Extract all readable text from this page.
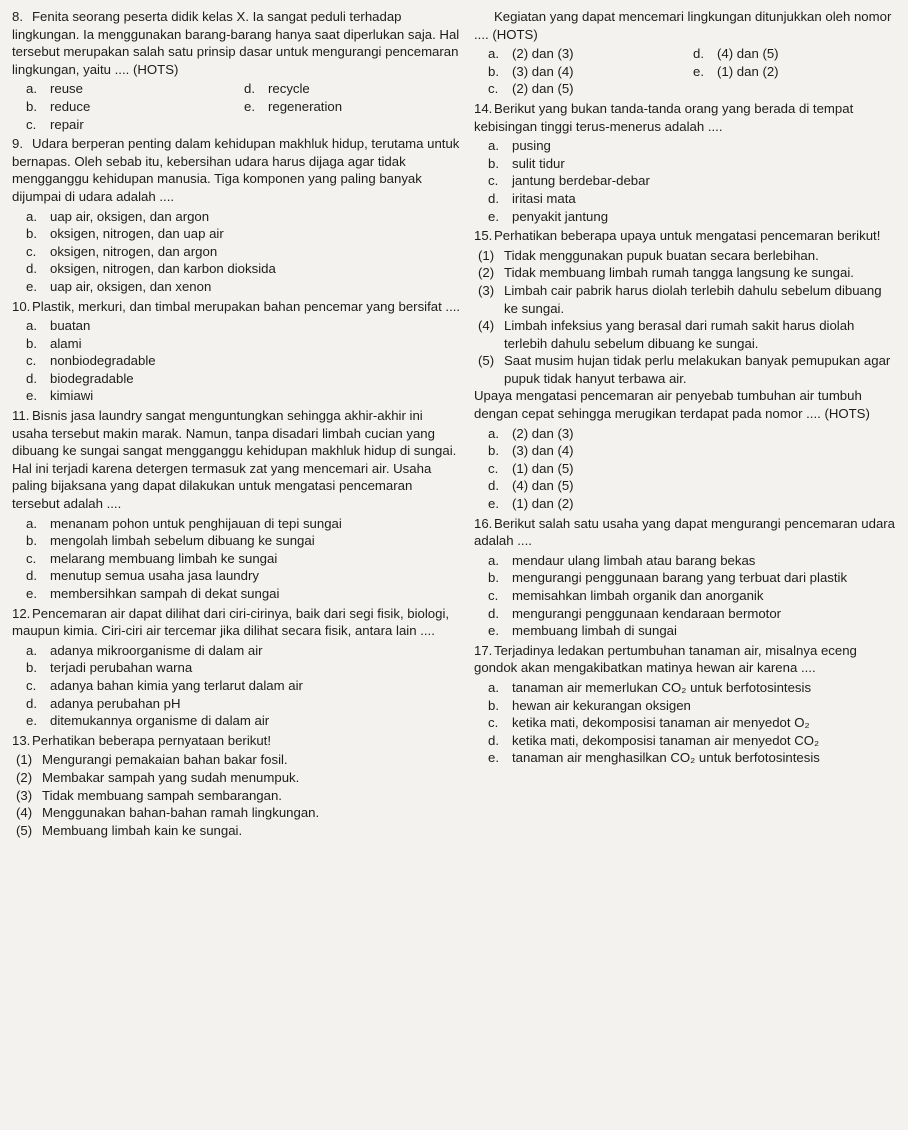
8. Fenita seorang peserta didik kelas X. Ia sangat peduli terhadap lingkungan. Ia menggunakan barang-barang hanya saat diperlukan saja. Hal tersebut merupakan salah satu prinsip dasar untuk mengurangi pencemaran lingkungan, yaitu .... (HOTS)
a. reuse	d. recycle
b. reduce	e. regeneration
c.	repair
9. Udara berperan penting dalam kehidupan makhluk hidup, terutama untuk bernapas. Oleh sebab itu, kebersihan udara harus dijaga agar tidak mengganggu kehidupan manusia. Tiga komponen yang paling banyak dijumpai di udara adalah ....
a. uap air, oksigen, dan argon
b. oksigen, nitrogen, dan uap air
c.	oksigen, nitrogen, dan argon
d. oksigen, nitrogen, dan karbon dioksida
e. uap air, oksigen, dan xenon
10. Plastik, merkuri, dan timbal merupakan bahan pencemar yang bersifat ....
a. buatan
b. alami
c.	nonbiodegradable
d. biodegradable
e. kimiawi
11. Bisnis jasa laundry sangat menguntungkan sehingga akhir-akhir ini usaha tersebut makin marak. Namun, tanpa disadari limbah cucian yang dibuang ke sungai sangat mengganggu kehidupan makhluk hidup di sungai. Hal ini terjadi karena detergen termasuk zat yang mencemari air. Usaha paling bijaksana yang dapat dilakukan untuk mengatasi pencemaran tersebut adalah ....
a. menanam pohon untuk penghijauan di tepi sungai
b. mengolah limbah sebelum dibuang ke sungai
c.	melarang membuang limbah ke sungai
d. menutup semua usaha jasa laundry
e. membersihkan sampah di dekat sungai
12. Pencemaran air dapat dilihat dari ciri-cirinya, baik dari segi fisik, biologi, maupun kimia. Ciri-ciri air tercemar jika dilihat secara fisik, antara lain ....
a. adanya mikroorganisme di dalam air
b. terjadi perubahan warna
c.	adanya bahan kimia yang terlarut dalam air
d. adanya perubahan pH
e. ditemukannya organisme di dalam air
13. Perhatikan beberapa pernyataan berikut!
(1) Mengurangi pemakaian bahan bakar fosil.
(2) Membakar sampah yang sudah menumpuk.
(3) Tidak membuang sampah sembarangan.
(4) Menggunakan bahan-bahan ramah lingkungan.
(5) Membuang limbah kain ke sungai.
Kegiatan yang dapat mencemari lingkungan ditunjukkan oleh nomor .... (HOTS)
a. (2) dan (3)	d. (4) dan (5)
b. (3) dan (4)	e. (1) dan (2)
c.	(2) dan (5)
14. Berikut yang bukan tanda-tanda orang yang berada di tempat kebisingan tinggi terus-menerus adalah ....
a. pusing
b. sulit tidur
c.	jantung berdebar-debar
d. iritasi mata
e. penyakit jantung
15. Perhatikan beberapa upaya untuk mengatasi pencemaran berikut!
(1) Tidak menggunakan pupuk buatan secara berlebihan.
(2) Tidak membuang limbah rumah tangga langsung ke sungai.
(3) Limbah cair pabrik harus diolah terlebih dahulu sebelum dibuang ke sungai.
(4) Limbah infeksius yang berasal dari rumah sakit harus diolah terlebih dahulu sebelum dibuang ke sungai.
(5) Saat musim hujan tidak perlu melakukan banyak pemupukan agar pupuk tidak hanyut terbawa air.
Upaya mengatasi pencemaran air penyebab tumbuhan air tumbuh dengan cepat sehingga merugikan terdapat pada nomor .... (HOTS)
a. (2) dan (3)
b. (3) dan (4)
c.	(1) dan (5)
d. (4) dan (5)
e. (1) dan (2)
16. Berikut salah satu usaha yang dapat mengurangi pencemaran udara adalah ....
a. mendaur ulang limbah atau barang bekas
b. mengurangi penggunaan barang yang terbuat dari plastik
c.	memisahkan limbah organik dan anorganik
d. mengurangi penggunaan kendaraan bermotor
e. membuang limbah di sungai
17. Terjadinya ledakan pertumbuhan tanaman air, misalnya eceng gondok akan mengakibatkan matinya hewan air karena ....
a. tanaman air memerlukan CO₂ untuk berfotosintesis
b. hewan air kekurangan oksigen
c.	ketika mati, dekomposisi tanaman air menyedot O₂
d. ketika mati, dekomposisi tanaman air menyedot CO₂
e. tanaman air menghasilkan CO₂ untuk berfotosintesis
